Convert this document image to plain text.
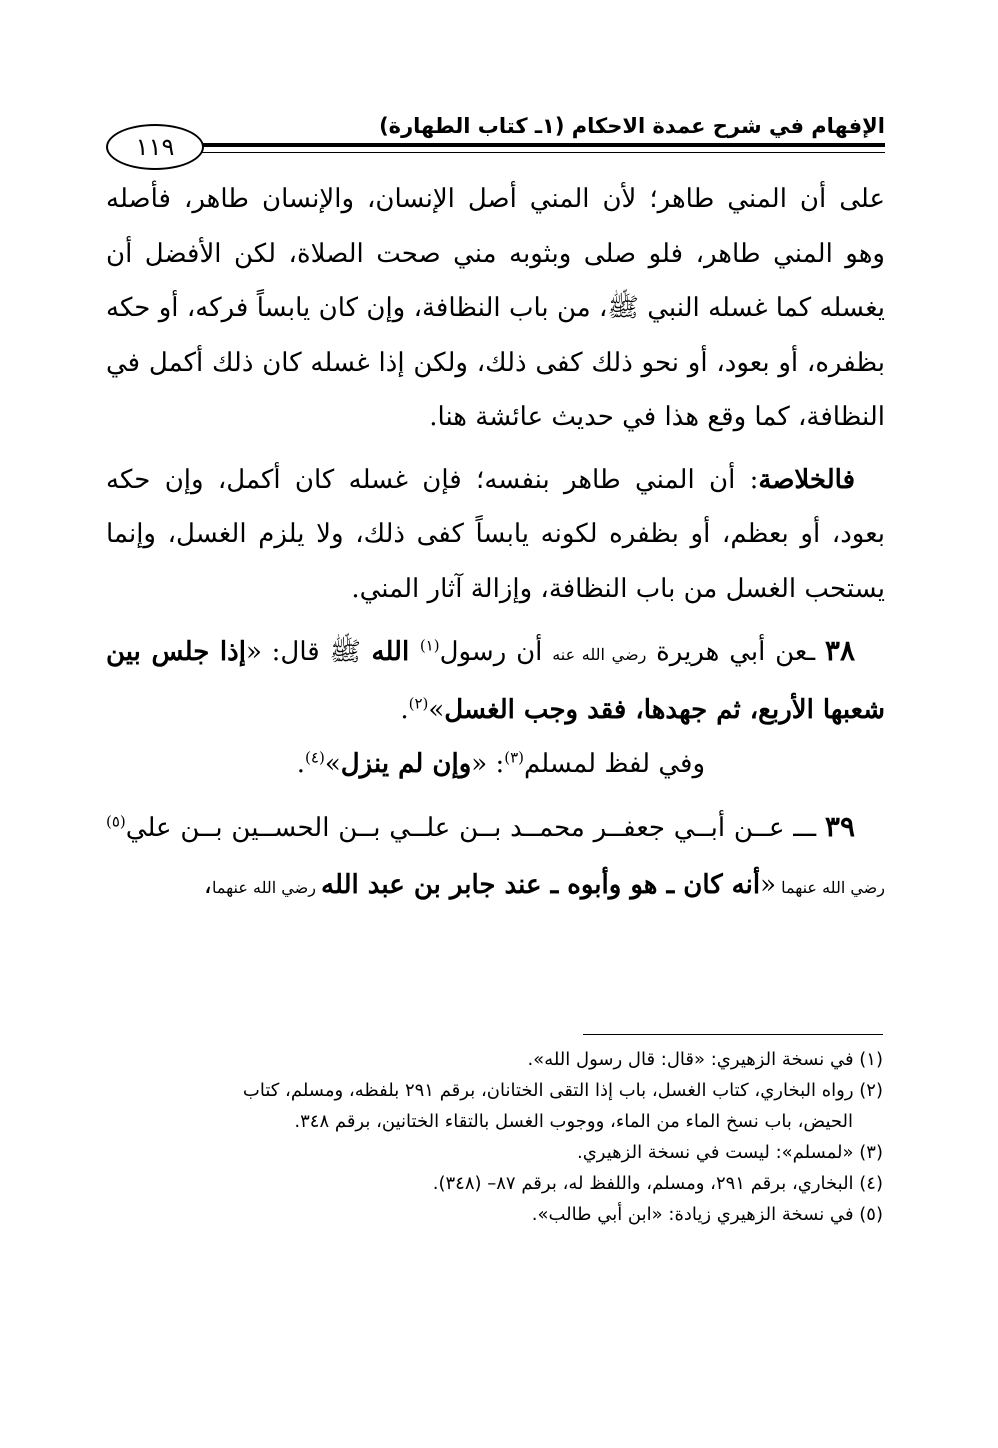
الإفهام في شرح عمدة الاحكام (١ـ كتاب الطهارة)
١١٩

على أن المني طاهر؛ لأن المني أصل الإنسان، والإنسان طاهر، فأصله وهو المني طاهر، فلو صلى وبثوبه مني صحت الصلاة، لكن الأفضل أن يغسله كما غسله النبي ﷺ، من باب النظافة، وإن كان يابساً فركه، أو حكه بظفره، أو بعود، أو نحو ذلك كفى ذلك، ولكن إذا غسله كان ذلك أكمل في النظافة، كما وقع هذا في حديث عائشة هنا.

فالخلاصة: أن المني طاهر بنفسه؛ فإن غسله كان أكمل، وإن حكه بعود، أو بعظم، أو بظفره لكونه يابساً كفى ذلك، ولا يلزم الغسل، وإنما يستحب الغسل من باب النظافة، وإزالة آثار المني.

٣٨ ـعن أبي هريرة رضي الله عنه أن رسول$^{(١)}$ الله ﷺ قال: «إذا جلس بين شعبها الأربع، ثم جهدها، فقد وجب الغسل»$^{(٢)}$.

وفي لفظ لمسلم$^{(٣)}$: «وإن لم ينزل»$^{(٤)}$.

٣٩ ـــ عــن أبــي جعفــر محمــد بــن علــي بــن الحســين بــن علي$^{(٥)}$ رضي الله عنهما «أنه كان ـ هو وأبوه ـ عند جابر بن عبد الله رضي الله عنهما،

(١) في نسخة الزهيري: «قال: قال رسول الله».

(٢) رواه البخاري، كتاب الغسل، باب إذا التقى الختانان، برقم ٢٩١ بلفظه، ومسلم، كتاب

الحيض، باب نسخ الماء من الماء، ووجوب الغسل بالتقاء الختانين، برقم ٣٤٨.

(٣) «لمسلم»: ليست في نسخة الزهيري.

(٤) البخاري، برقم ٢٩١، ومسلم، واللفظ له، برقم ٨٧– (٣٤٨).

(٥) في نسخة الزهيري زيادة: «ابن أبي طالب».
